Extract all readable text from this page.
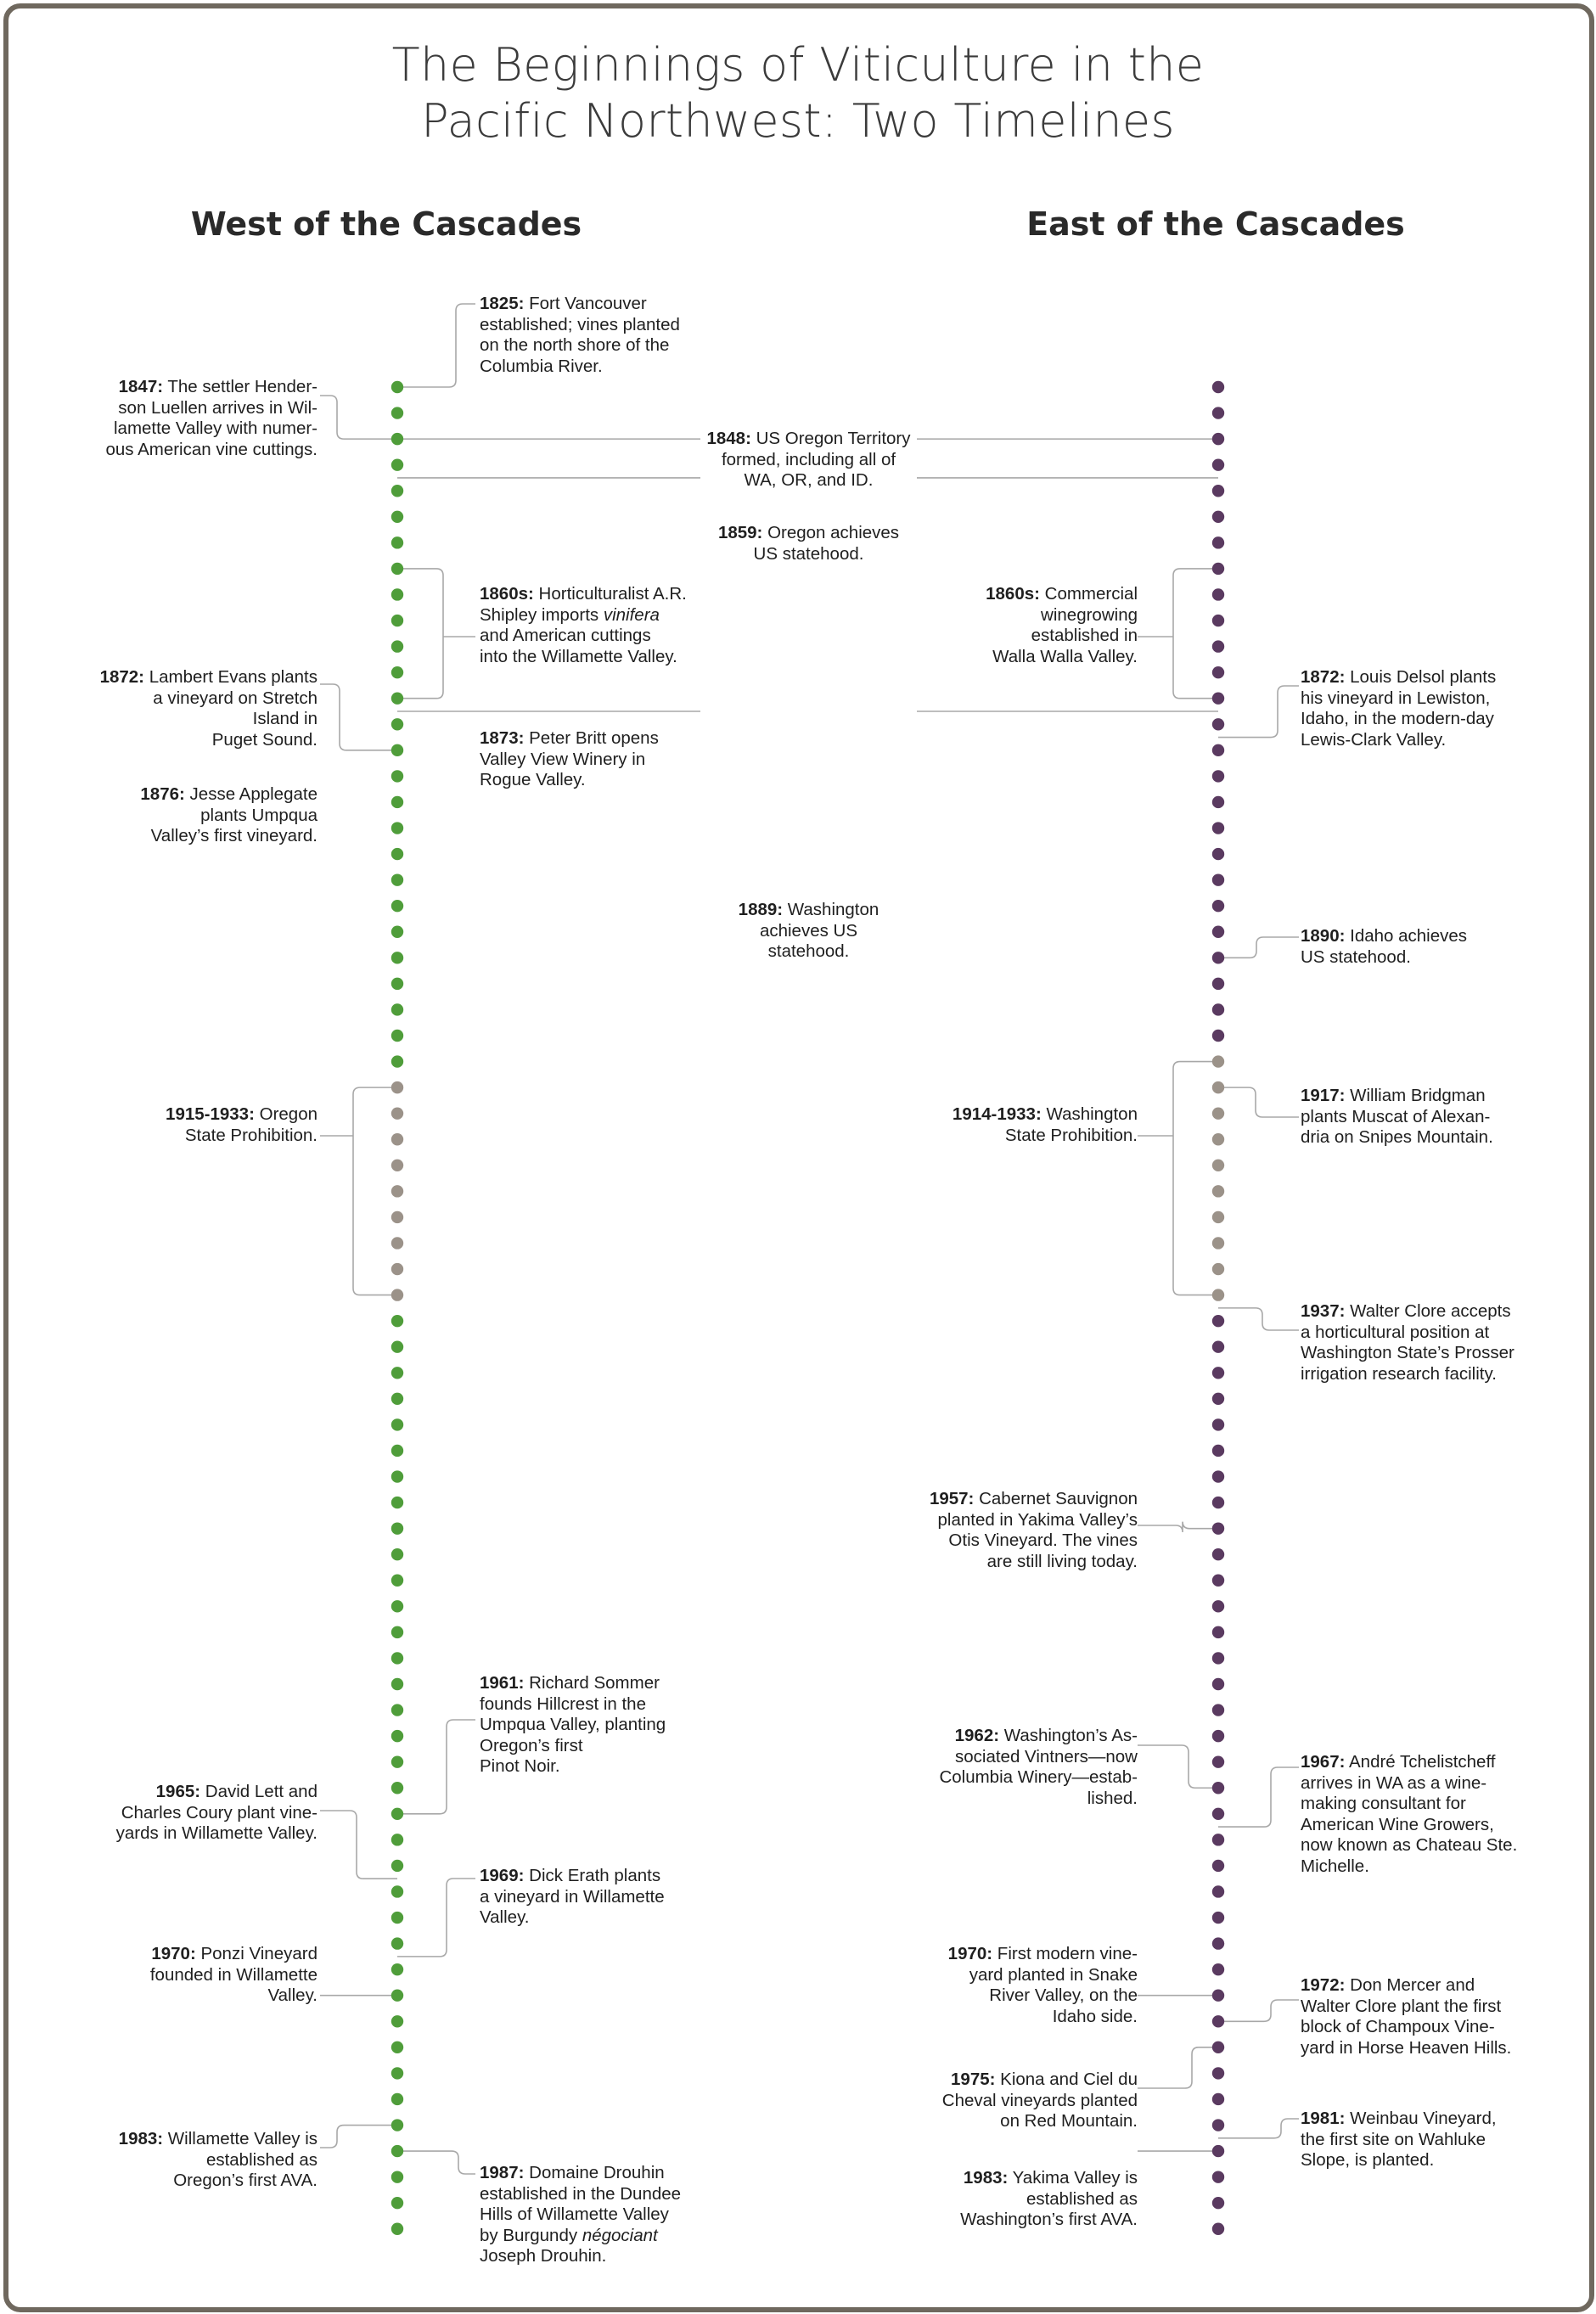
The Beginnings of Viticulture in the
Pacific Northwest: Two Timelines
West of the Cascades	East of the Cascades
1825: Fort Vancouver
established; vines planted
on the north shore of the
Columbia River.
1847: The settler Hender-
son Luellen arrives in Wil-
lamette Valley with numer-
ous American vine cuttings.
1848: US Oregon Territory
formed, including all of
WA, OR, and ID.
1859: Oregon achieves
US statehood.
1860s: Horticulturalist A.R.
Shipley imports vinifera
and American cuttings
into the Willamette Valley.
1872: Lambert Evans plants
a vineyard on Stretch
Island in
Puget Sound.	1873: Peter Britt opens
Valley View Winery in
Rogue Valley.
1876: Jesse Applegate
plants Umpqua
Valley’s first vineyard.
1889: Washington
achieves US
statehood.
1915-1933: Oregon
State Prohibition.
1961: Richard Sommer
founds Hillcrest in the
Umpqua Valley, planting
Oregon’s first
Pinot Noir.
1965: David Lett and
Charles Coury plant vine-
yards in Willamette Valley.
1969: Dick Erath plants
a vineyard in Willamette
Valley.
1970: Ponzi Vineyard
founded in Willamette
Valley.
1983: Willamette Valley is
established as
Oregon’s first AVA.	1987: Domaine Drouhin
established in the Dundee
Hills of Willamette Valley
by Burgundy négociant
Joseph Drouhin.
1860s: Commercial
winegrowing
established in
Walla Walla Valley.
1872: Louis Delsol plants
his vineyard in Lewiston,
Idaho, in the modern-day
Lewis-Clark Valley.
1890: Idaho achieves
US statehood.
1914-1933: Washington
State Prohibition.
1917: William Bridgman
plants Muscat of Alexan-
dria on Snipes Mountain.
1937: Walter Clore accepts
a horticultural position at
Washington State’s Prosser
irrigation research facility.
1957: Cabernet Sauvignon
planted in Yakima Valley’s
Otis Vineyard. The vines
are still living today.
1962: Washington’s As-
sociated Vintners—now
Columbia Winery—estab-
lished.
1967: André Tchelistcheff
arrives in WA as a wine-
making consultant for
American Wine Growers,
now known as Chateau Ste.
Michelle.
1970: First modern vine-
yard planted in Snake
River Valley, on the
Idaho side.
1972: Don Mercer and
Walter Clore plant the first
block of Champoux Vine-
yard in Horse Heaven Hills.
1975: Kiona and Ciel du
Cheval vineyards planted
on Red Mountain.	1981: Weinbau Vineyard,
the first site on Wahluke
Slope, is planted.
1983: Yakima Valley is
established as
Washington’s first AVA.
